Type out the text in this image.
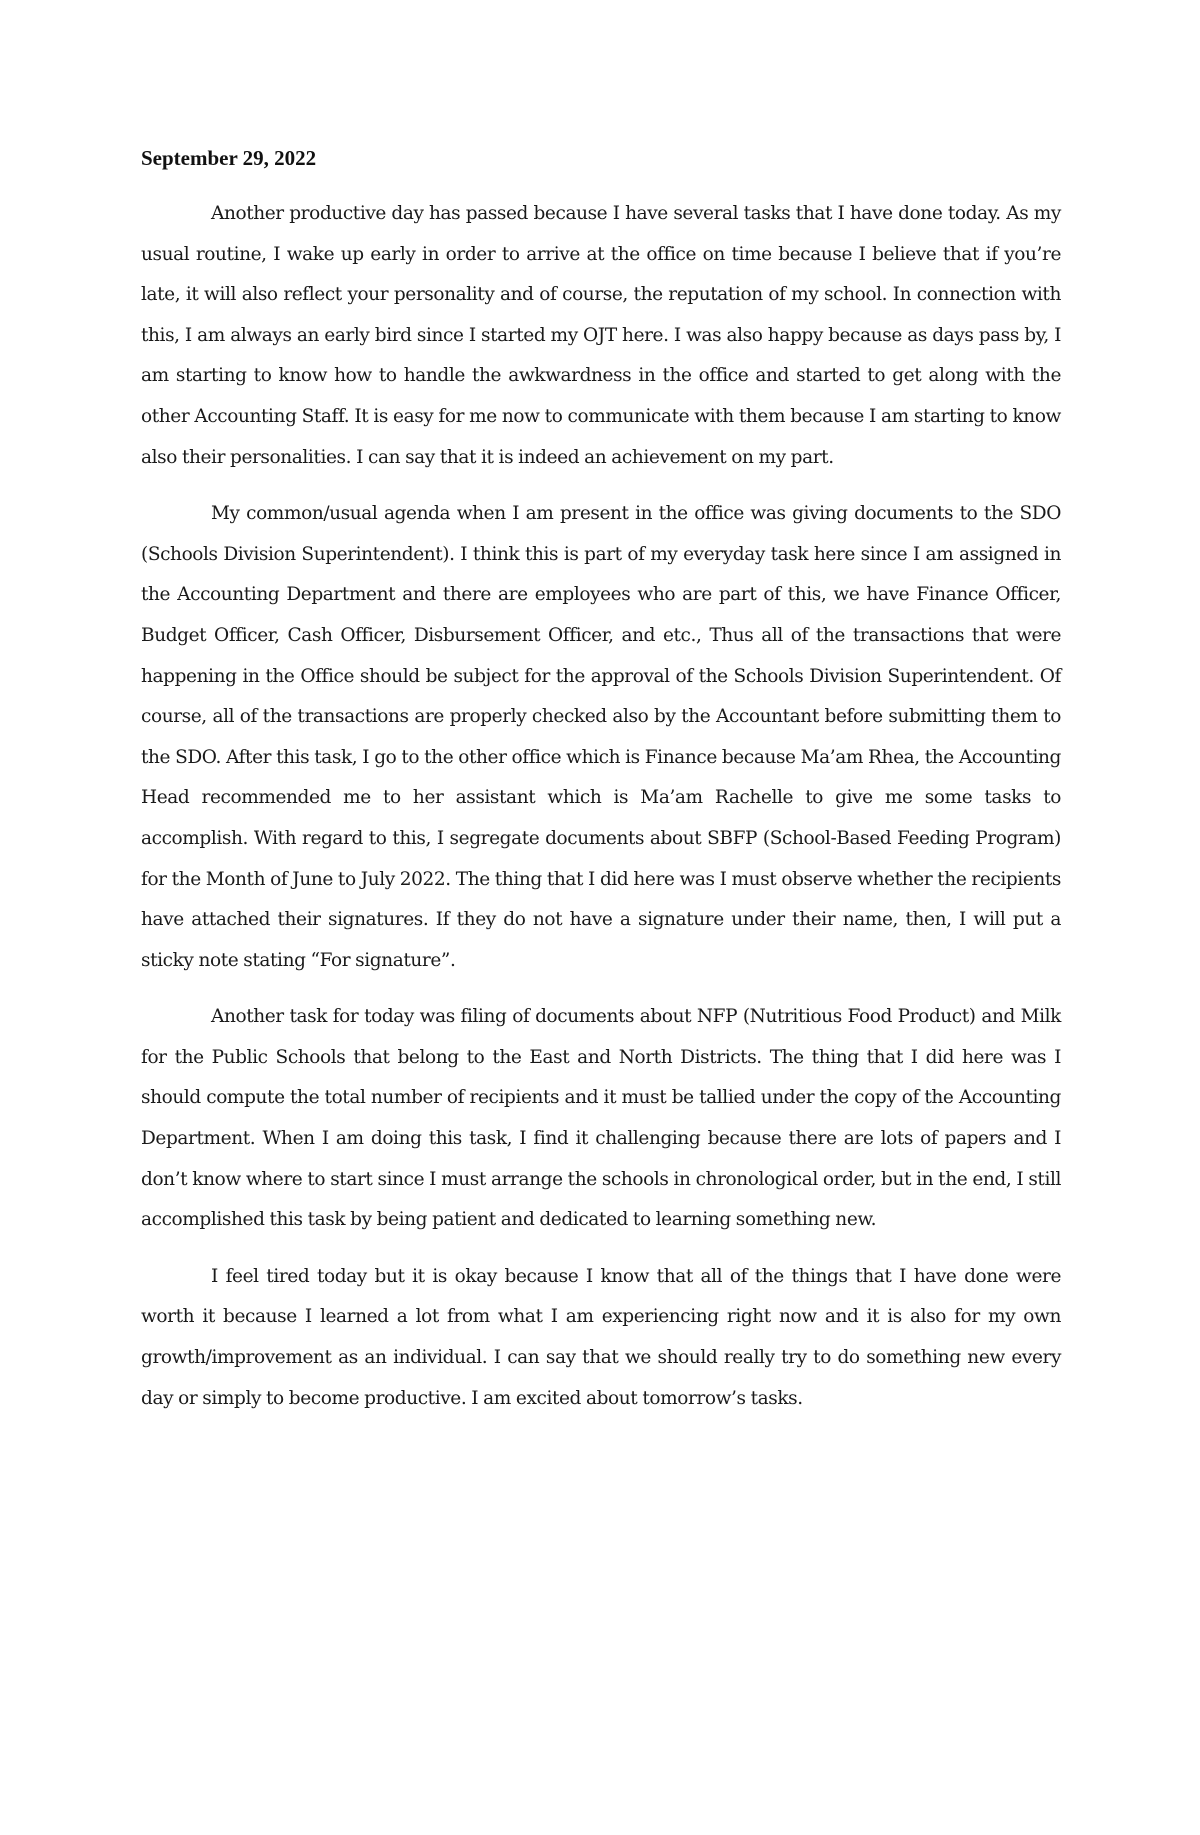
September 29, 2022

Another productive day has passed because I have several tasks that I have done today. As my usual routine, I wake up early in order to arrive at the office on time because I believe that if you’re late, it will also reflect your personality and of course, the reputation of my school. In connection with this, I am always an early bird since I started my OJT here. I was also happy because as days pass by, I am starting to know how to handle the awkwardness in the office and started to get along with the other Accounting Staff. It is easy for me now to communicate with them because I am starting to know also their personalities. I can say that it is indeed an achievement on my part.

My common/usual agenda when I am present in the office was giving documents to the SDO (Schools Division Superintendent). I think this is part of my everyday task here since I am assigned in the Accounting Department and there are employees who are part of this, we have Finance Officer, Budget Officer, Cash Officer, Disbursement Officer, and etc., Thus all of the transactions that were happening in the Office should be subject for the approval of the Schools Division Superintendent. Of course, all of the transactions are properly checked also by the Accountant before submitting them to the SDO. After this task, I go to the other office which is Finance because Ma’am Rhea, the Accounting Head recommended me to her assistant which is Ma’am Rachelle to give me some tasks to accomplish. With regard to this, I segregate documents about SBFP (School-Based Feeding Program) for the Month of June to July 2022. The thing that I did here was I must observe whether the recipients have attached their signatures. If they do not have a signature under their name, then, I will put a sticky note stating “For signature”.

Another task for today was filing of documents about NFP (Nutritious Food Product) and Milk for the Public Schools that belong to the East and North Districts. The thing that I did here was I should compute the total number of recipients and it must be tallied under the copy of the Accounting Department. When I am doing this task, I find it challenging because there are lots of papers and I don’t know where to start since I must arrange the schools in chronological order, but in the end, I still accomplished this task by being patient and dedicated to learning something new.

I feel tired today but it is okay because I know that all of the things that I have done were worth it because I learned a lot from what I am experiencing right now and it is also for my own growth/improvement as an individual. I can say that we should really try to do something new every day or simply to become productive. I am excited about tomorrow’s tasks.
